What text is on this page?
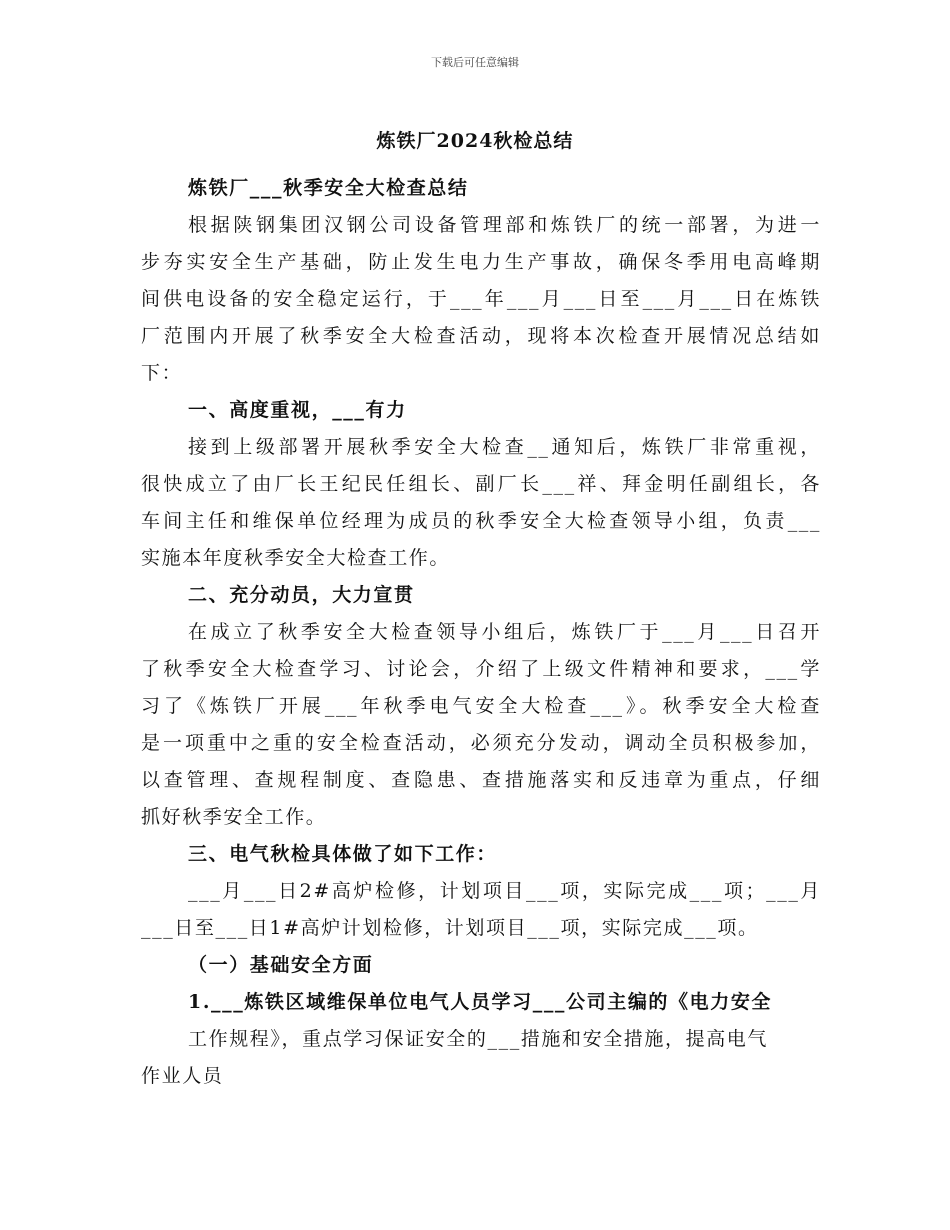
下载后可任意编辑
炼铁厂2024秋检总结
炼铁厂___秋季安全大检查总结
根据陕钢集团汉钢公司设备管理部和炼铁厂的统一部署，为进一
步夯实安全生产基础，防止发生电力生产事故，确保冬季用电高峰期
间供电设备的安全稳定运行，于___年___月___日至___月___日在炼铁
厂范围内开展了秋季安全大检查活动，现将本次检查开展情况总结如
下：
一、高度重视，___有力
接到上级部署开展秋季安全大检查__通知后，炼铁厂非常重视，
很快成立了由厂长王纪民任组长、副厂长___祥、拜金明任副组长，各
车间主任和维保单位经理为成员的秋季安全大检查领导小组，负责___
实施本年度秋季安全大检查工作。
二、充分动员，大力宣贯
在成立了秋季安全大检查领导小组后，炼铁厂于___月___日召开
了秋季安全大检查学习、讨论会，介绍了上级文件精神和要求，___学
习了《炼铁厂开展___年秋季电气安全大检查___》。秋季安全大检查
是一项重中之重的安全检查活动，必须充分发动，调动全员积极参加，
以查管理、查规程制度、查隐患、查措施落实和反违章为重点，仔细
抓好秋季安全工作。
三、电气秋检具体做了如下工作：
___月___日2#高炉检修，计划项目___项，实际完成___项；___月
___日至___日1#高炉计划检修，计划项目___项，实际完成___项。
（一）基础安全方面
1.___炼铁区域维保单位电气人员学习___公司主编的《电力安全
工作规程》，重点学习保证安全的___措施和安全措施，提高电气
作业人员
